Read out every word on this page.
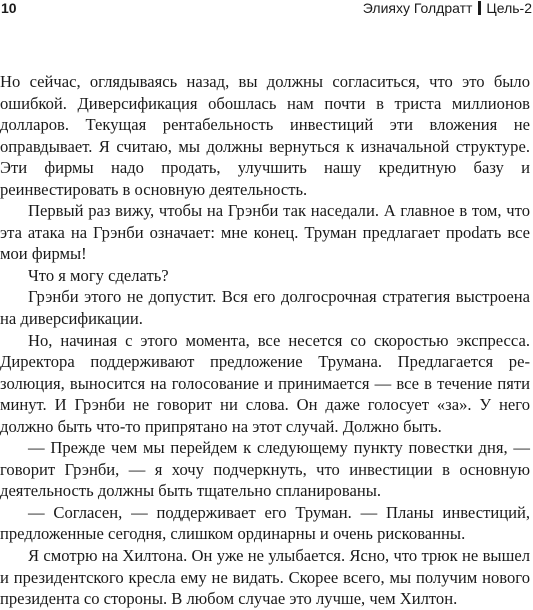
10	Элияху Голдратт Цель-2

Но сейчас, оглядываясь назад, вы должны согласиться, что это было ошибкой. Диверсификация обошлась нам почти в триста миллионов долларов. Текущая рентабельность инвестиций эти вложения не оправдывает. Я считаю, мы должны вернуться к изначальной структуре. Эти фирмы надо продать, улучшить нашу кредитную базу и реинвестировать в основную деятельность.

Первый раз вижу, чтобы на Грэнби так наседали. А главное в том, что эта атака на Грэнби означает: мне конец. Труман предлагает проdать все мои фирмы!

Что я могу сделать?

Грэнби этого не допустит. Вся его долгосрочная стратегия выстроена на диверсификации.

Но, начиная с этого момента, все несется со скоростью экспресса. Директора поддерживают предложение Трумана. Предлагается резолюция, выносится на голосование и принимается — все в течение пяти минут. И Грэнби не говорит ни слова. Он даже голосует «за». У него должно быть что-то припрятано на этот случай. Должно быть.

— Прежде чем мы перейдем к следующему пункту повестки дня, — говорит Грэнби, — я хочу подчеркнуть, что инвестиции в основную деятельность должны быть тщательно спланированы.

— Согласен, — поддерживает его Труман. — Планы инвестиций, предложенные сегодня, слишком ординарны и очень рискованны.

Я смотрю на Хилтона. Он уже не улыбается. Ясно, что трюк не вышел и президентского кресла ему не видать. Скорее всего, мы получим нового президента со стороны. В любом случае это лучше, чем Хилтон.
